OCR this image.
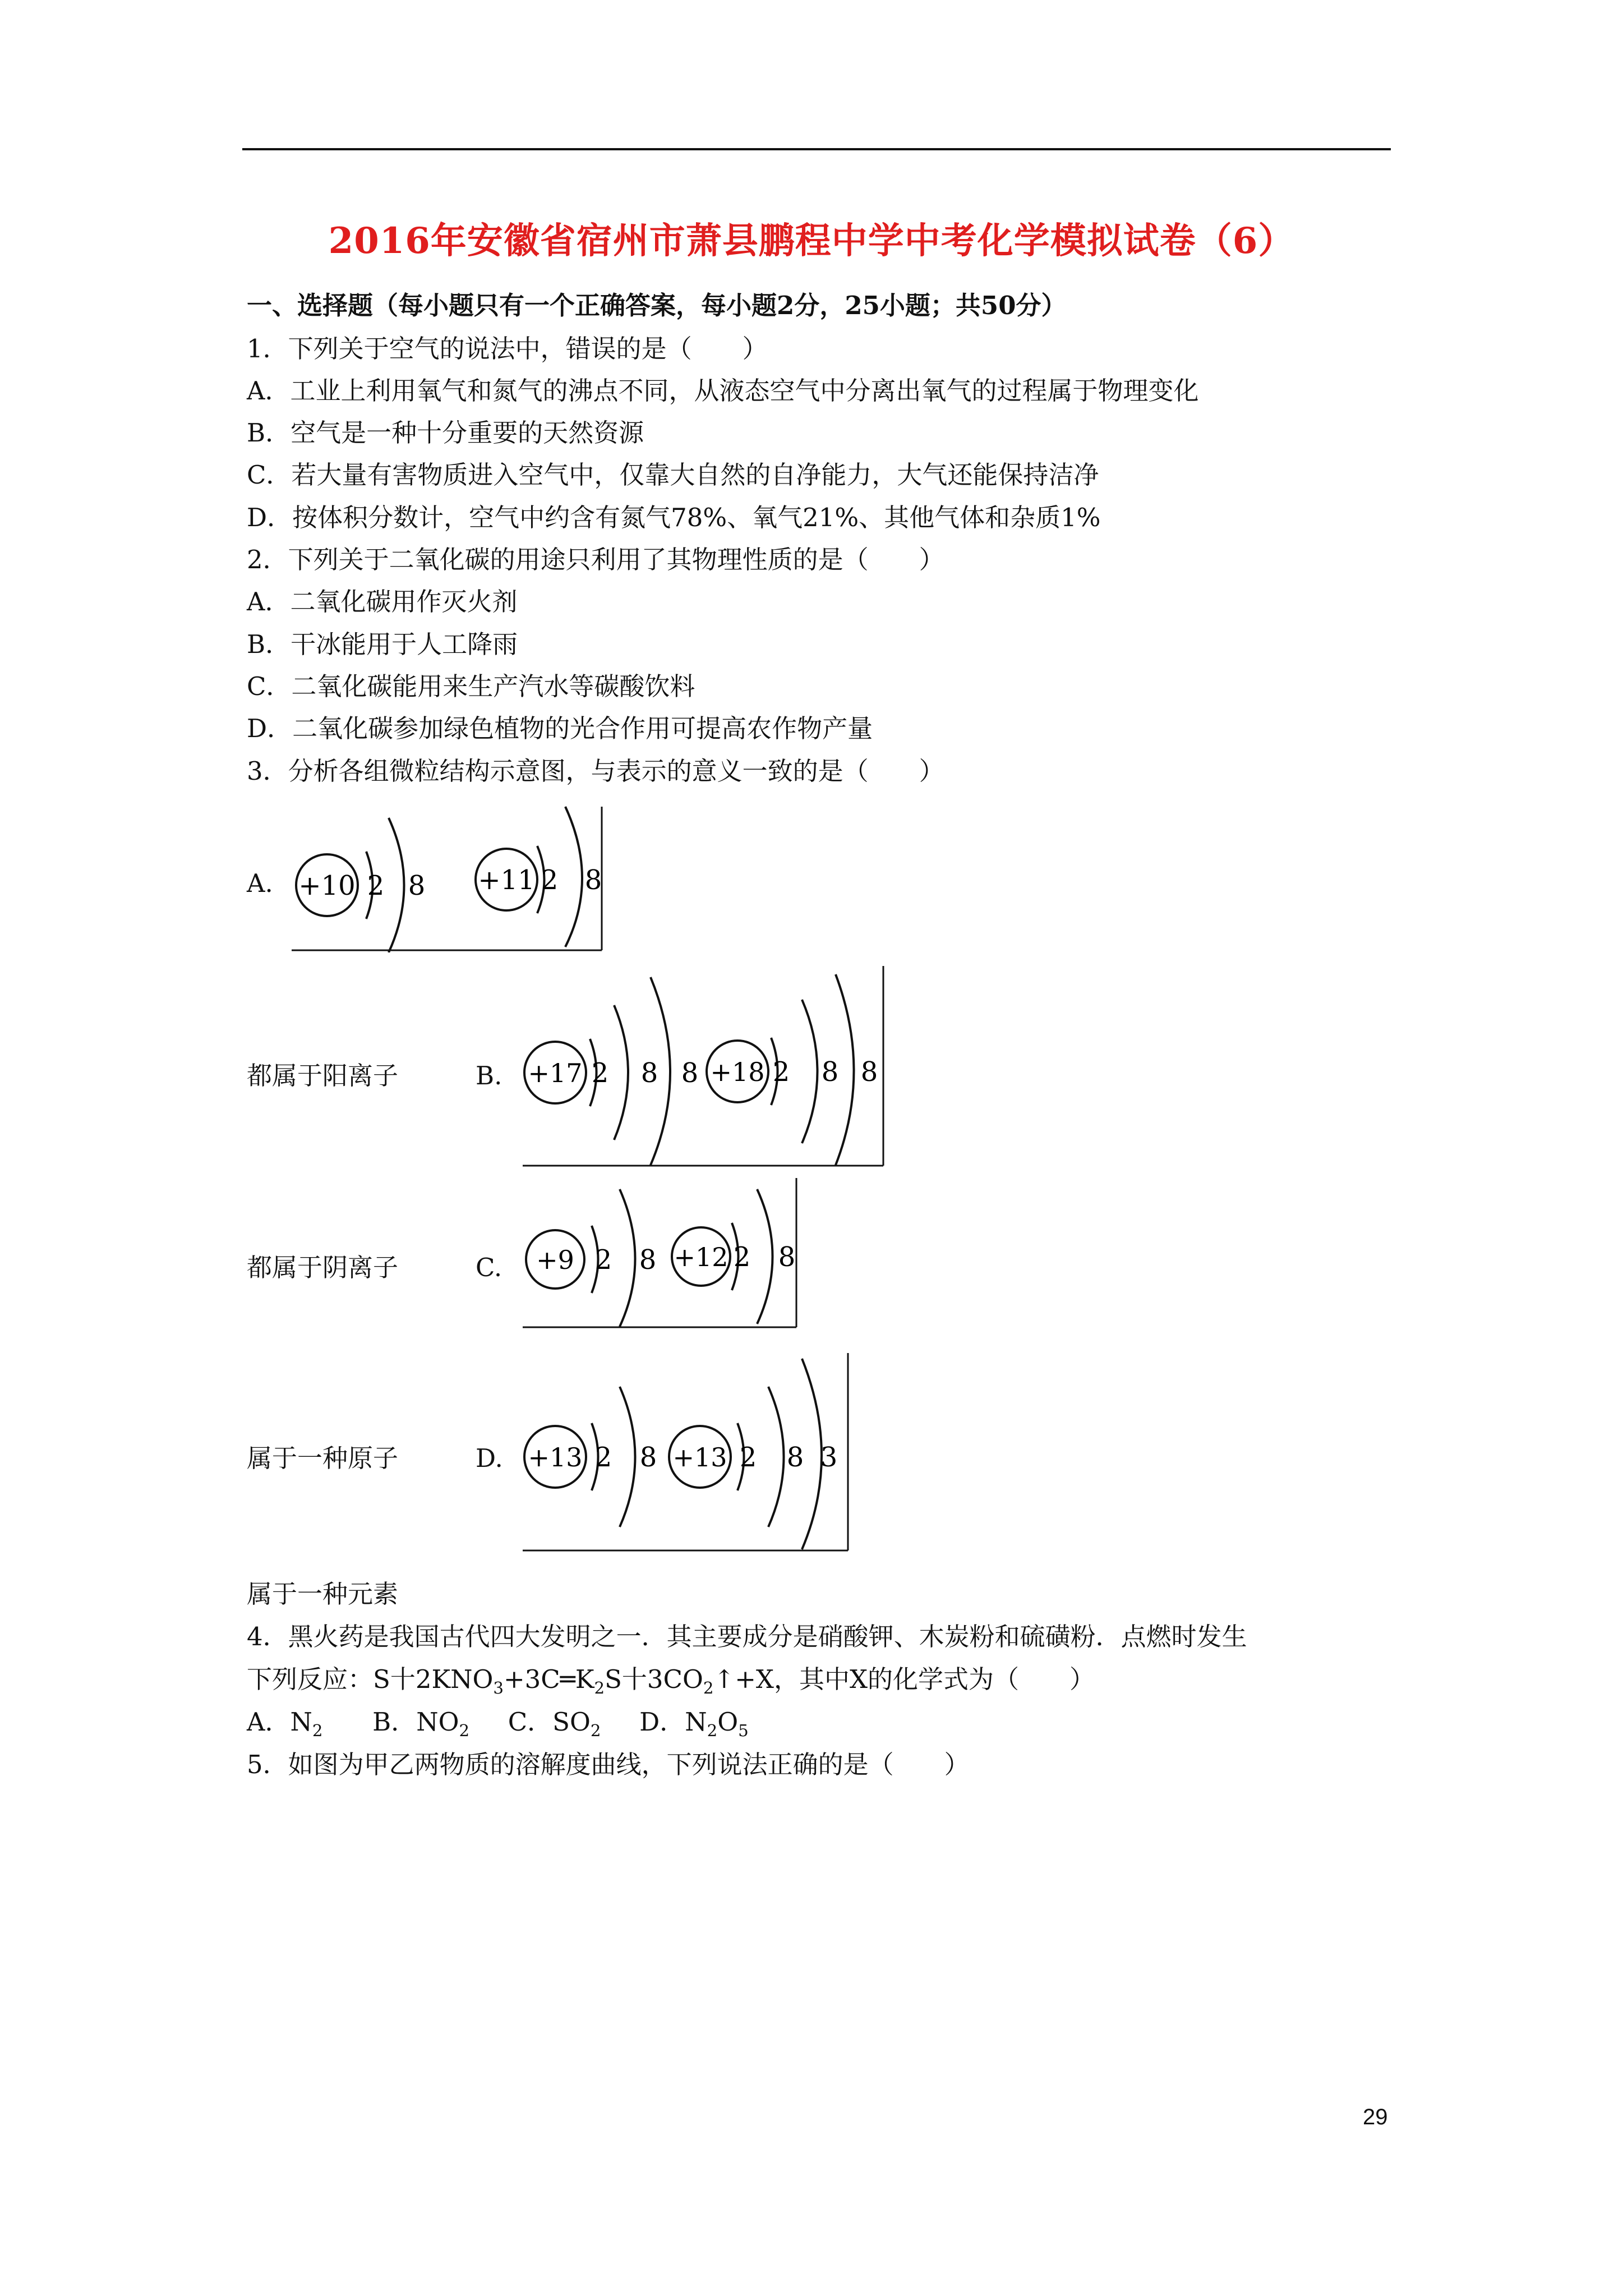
2016年安徽省宿州市萧县鹏程中学中考化学模拟试卷（6）
一、选择题（每小题只有一个正确答案，每小题2分，25小题；共50分）
1．下列关于空气的说法中，错误的是（　　）
A．工业上利用氧气和氮气的沸点不同，从液态空气中分离出氧气的过程属于物理变化
B．空气是一种十分重要的天然资源
C．若大量有害物质进入空气中，仅靠大自然的自净能力，大气还能保持洁净
D．按体积分数计，空气中约含有氮气78%、氧气21%、其他气体和杂质1%
2．下列关于二氧化碳的用途只利用了其物理性质的是（　　）
A．二氧化碳用作灭火剂
B．干冰能用于人工降雨
C．二氧化碳能用来生产汽水等碳酸饮料
D．二氧化碳参加绿色植物的光合作用可提高农作物产量
3．分析各组微粒结构示意图，与表示的意义一致的是（　　）
A. +10 2 8 +11 2 8
都属于阳离子	B. +17 2 8 8 +18 2 8 8
都属于阴离子	C. +9 2 8 +12 2 8
属于一种原子	D. +13 2 8 +13 2 8 3
属于一种元素
4．黑火药是我国古代四大发明之一．其主要成分是硝酸钾、木炭粉和硫磺粉．点燃时发生
下列反应：S十$2KNO_3+3C═K_2S$十$3CO_2↑+X$，其中X的化学式为（　　）
A．$N_2$ B．$NO_2$ C．$SO_2$ D．$N_2O_5$
5．如图为甲乙两物质的溶解度曲线，下列说法正确的是（　　）
29
